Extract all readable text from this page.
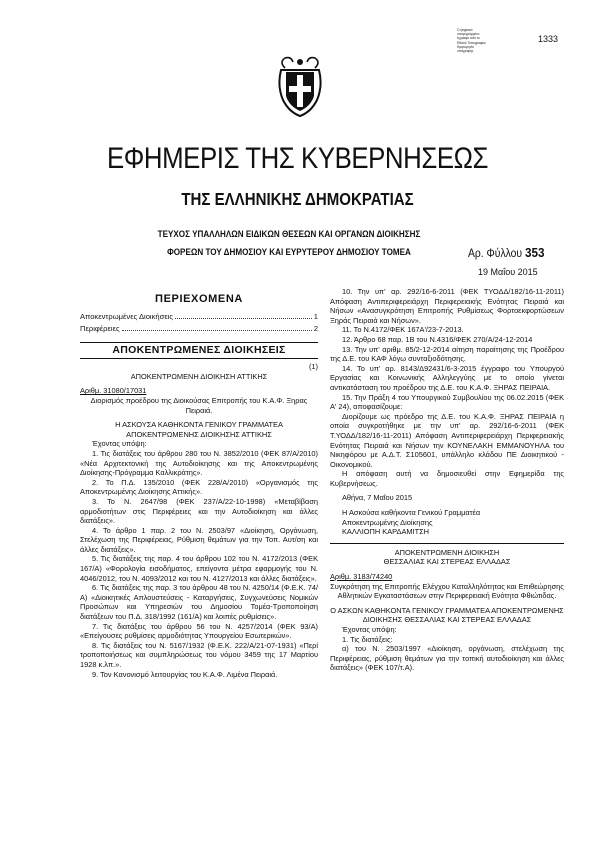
Ο ψηφιακά
υπογεγραμμένο
έγγραφο από το
Εθνικό Τυπογραφείο
Ημερομηνία
υπογραφής
1333
ΕΦΗΜΕΡΙΣ ΤΗΣ ΚΥΒΕΡΝΗΣΕΩΣ
ΤΗΣ ΕΛΛΗΝΙΚΗΣ ΔΗΜΟΚΡΑΤΙΑΣ
ΤΕΥΧΟΣ ΥΠΑΛΛΗΛΩΝ ΕΙΔΙΚΩΝ ΘΕΣΕΩΝ ΚΑΙ ΟΡΓΑΝΩΝ ΔΙΟΙΚΗΣΗΣ
ΦΟΡΕΩΝ ΤΟΥ ΔΗΜΟΣΙΟΥ ΚΑΙ ΕΥΡΥΤΕΡΟΥ ΔΗΜΟΣΙΟΥ ΤΟΜΕΑ	Αρ. Φύλλου 353
19 Μαΐου 2015
ΠΕΡΙΕΧΟΜΕΝΑ
Αποκεντρωμένες Διοικήσεις	1
Περιφέρειες	2
ΑΠΟΚΕΝΤΡΩΜΕΝΕΣ ΔΙΟΙΚΗΣΕΙΣ
(1)

ΑΠΟΚΕΝΤΡΩΜΕΝΗ ΔΙΟΙΚΗΣΗ ΑΤΤΙΚΗΣ

Αριθμ. 31080/17031

Διορισμός προέδρου της Διοικούσας Επιτροπής του Κ.Α.Φ. Ξηρας Πειραιά.

Η ΑΣΚΟΥΣΑ ΚΑΘΗΚΟΝΤΑ ΓΕΝΙΚΟΥ ΓΡΑΜΜΑΤΕΑ ΑΠΟΚΕΝΤΡΩΜΕΝΗΣ ΔΙΟΙΚΗΣΗΣ ΑΤΤΙΚΗΣ

Έχοντας υπόψη:

1. Τις διατάξεις του άρθρου 280 του Ν. 3852/2010 (ΦΕΚ 87/Α/2010) «Νέα Αρχιτεκτονική της Αυτοδιοίκησης και της Αποκεντρωμένης Διοίκησης-Πρόγραμμα Καλλικράτης».

2. Το Π.Δ. 135/2010 (ΦΕΚ 228/Α/2010) «Οργανισμός της Αποκεντρωμένης Διοίκησης Αττικής».

3. Το Ν. 2647/98 (ΦΕΚ 237/Α/22-10-1998) «Μεταβίβαση αρμοδιοτήτων στις Περιφέρειες και την Αυτοδιοίκηση και άλλες διατάξεις».

4. Το άρθρο 1 παρ. 2 του Ν. 2503/97 «Διοίκηση, Οργάνωση, Στελέχωση της Περιφέρειας, Ρύθμιση θεμάτων για την Τοπ. Αυτ/ση και άλλες διατάξεις».

5. Τις διατάξεις της παρ. 4 του άρθρου 102 του Ν. 4172/2013 (ΦΕΚ 167/Α) «Φορολογία εισοδήματος, επείγοντα μέτρα εφαρμογής του Ν. 4046/2012, του Ν. 4093/2012 και του Ν. 4127/2013 και άλλες διατάξεις».

6. Τις διατάξεις της παρ. 3 του άρθρου 48 του Ν. 4250/14 (Φ.Ε.Κ. 74/Α) «Διοικητικές Απλουστεύσεις - Καταργήσεις, Συγχωνεύσεις Νομικών Προσώπων και Υπηρεσιών του Δημοσίου Τομέα-Τροποποίηση διατάξεων του Π.Δ. 318/1992 (161/Α) και λοιπές ρυθμίσεις».

7. Τις διατάξεις του άρθρου 56 του Ν. 4257/2014 (ΦΕΚ 93/Α) «Επείγουσες ρυθμίσεις αρμοδιότητας Υπουργείου Εσωτερικών».

8. Τις διατάξεις του Ν. 5167/1932 (Φ.Ε.Κ. 222/Α/21-07-1931) «Περί τροποποιήσεως και συμπληρώσεως του νόμου 3459 της 17 Μαρτίου 1928 κ.λπ.».

9. Τον Κανονισμό λειτουργίας του Κ.Α.Φ. Λιμένα Πειραιά.

10. Την υπ' αρ. 292/16-6-2011 (ΦΕΚ ΤΥΟΔΔ/182/16-11-2011) Απόφαση Αντιπεριφερειάρχη Περιφερειακής Ενότητας Πειραιά και Νήσων «Ανασυγκρότηση Επιτροπής Ρυθμίσεως Φορτοεκφορτώσεων Ξηράς Πειραιά και Νήσων».

11. Το Ν.4172/ΦΕΚ 167Α'/23-7-2013.

12. Άρθρο 68 παρ. 1Β του Ν.4316/ΦΕΚ 270/Α/24-12-2014

13. Την υπ' αριθμ. 85/2-12-2014 αίτηση παραίτησης της Προέδρου της Δ.Ε. του ΚΑΦ λόγω συνταξιοδότησης.

14. Το υπ' αρ. 8143/Δ92431/6-3-2015 έγγραφο του Υπουργού Εργασίας και Κοινωνικής Αλληλεγγύης με το οποίο γίνεται αντικατάσταση του προέδρου της Δ.Ε. του Κ.Α.Φ. ΞΗΡΑΣ ΠΕΙΡΑΙΑ.

15. Την Πράξη 4 του Υπουργικού Συμβουλίου της 06.02.2015 (ΦΕΚ Α' 24), αποφασίζουμε:

Διορίζουμε ως πρόεδρο της Δ.Ε. του Κ.Α.Φ. ΞΗΡΑΣ ΠΕΙΡΑΙΑ η οποία συγκροτήθηκε με την υπ' αρ. 292/16-6-2011 (ΦΕΚ Τ.ΥΟΔΔ/182/16-11-2011) Απόφαση Αντιπεριφερειάρχη Περιφερειακής Ενότητας Πειραιά και Νήσων την ΚΟΥΝΕΛΑΚΗ ΕΜΜΑΝΟΥΗΛΑ του Νικηφόρου με Α.Δ.Τ. Σ105601, υπάλληλο κλάδου ΠΕ Διοικητικού - Οικονομικού.

Η απόφαση αυτή να δημοσιευθεί στην Εφημερίδα της Κυβερνήσεως.

Αθήνα, 7 Μαΐου 2015

Η Ασκούσα καθήκοντα Γενικού Γραμματέα

Αποκεντρωμένης Διοίκησης

ΚΑΛΛΙΟΠΗ ΚΑΡΔΑΜΙΤΣΗ

ΑΠΟΚΕΝΤΡΩΜΕΝΗ ΔΙΟΙΚΗΣΗ

ΘΕΣΣΑΛΙΑΣ ΚΑΙ ΣΤΕΡΕΑΣ ΕΛΛΑΔΑΣ

Αριθμ. 3183/74240

Συγκρότηση της Επιτροπής Ελέγχου Καταλληλότητας και Επιθεώρησης Αθλητικών Εγκαταστάσεων στην Περιφερειακή Ενότητα Φθιώτιδας.

Ο ΑΣΚΩΝ ΚΑΘΗΚΟΝΤΑ ΓΕΝΙΚΟΥ ΓΡΑΜΜΑΤΕΑ ΑΠΟΚΕΝΤΡΩΜΕΝΗΣ ΔΙΟΙΚΗΣΗΣ ΘΕΣΣΑΛΙΑΣ ΚΑΙ ΣΤΕΡΕΑΣ ΕΛΛΑΔΑΣ

Έχοντας υπόψη:

1. Τις διατάξεις:

α) του Ν. 2503/1997 «Διοίκηση, οργάνωση, στελέχωση της Περιφέρειας, ρύθμιση θεμάτων για την τοπική αυτοδιοίκηση και άλλες διατάξεις» (ΦΕΚ 107/τ.Α).
